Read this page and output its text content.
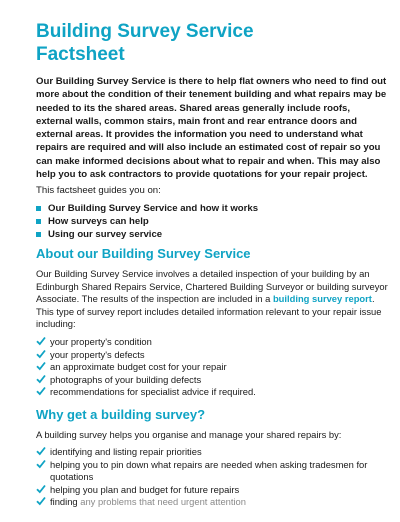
Building Survey Service
Factsheet
Our Building Survey Service is there to help flat owners who need to find out more about the condition of their tenement building and what repairs may be needed to its the shared areas. Shared areas generally include roofs, external walls, common stairs, main front and rear entrance doors and external areas. It provides the information you need to understand what repairs are required and will also include an estimated cost of repair so you can make informed decisions about what to repair and when. This may also help you to ask contractors to provide quotations for your repair project.
This factsheet guides you on:
Our Building Survey Service and how it works
How surveys can help
Using our survey service
About our Building Survey Service
Our Building Survey Service involves a detailed inspection of your building by an Edinburgh Shared Repairs Service, Chartered Building Surveyor or building surveyor Associate. The results of the inspection are included in a building survey report. This type of survey report includes detailed information relevant to your repair issue including:
your property's condition
your property's defects
an approximate budget cost for your repair
photographs of your building defects
recommendations for specialist advice if required.
Why get a building survey?
A building survey helps you organise and manage your shared repairs by:
identifying and listing repair priorities
helping you to pin down what repairs are needed when asking tradesmen for quotations
helping you plan and budget for future repairs
finding any problems that need urgent attention
